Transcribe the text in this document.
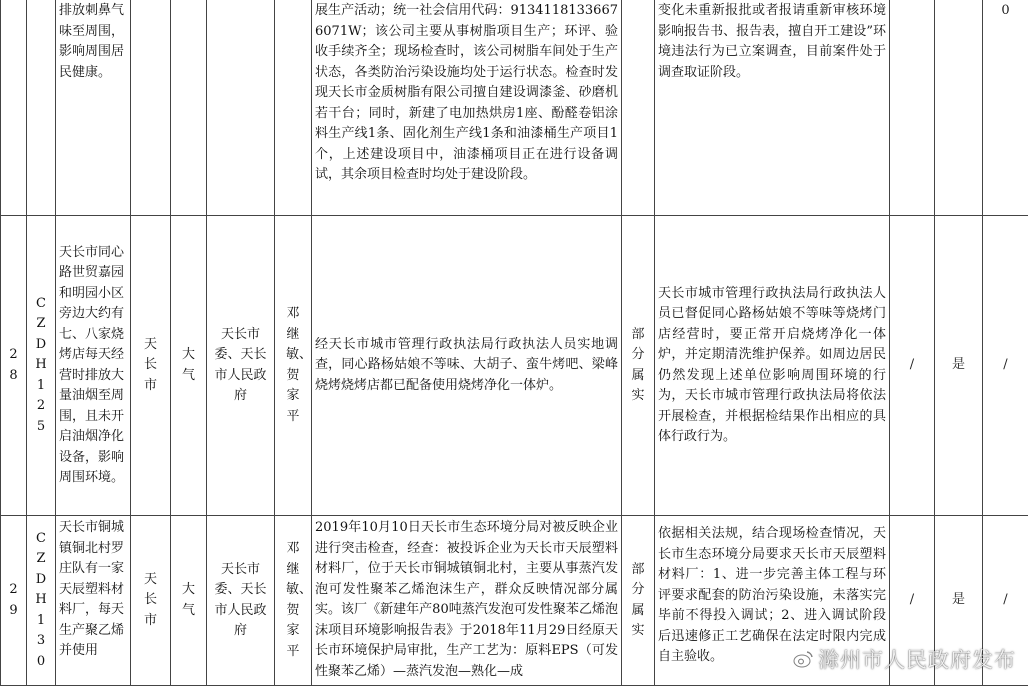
	排放刺鼻气味至周围，影响周围居民健康。					展生产活动；统一社会信用代码：91341181336676071W；该公司主要从事树脂项目生产；环评、验收手续齐全；现场检查时，该公司树脂车间处于生产状态，各类防治污染设施均处于运行状态。检查时发现天长市金质树脂有限公司擅自建设调漆釜、砂磨机若干台；同时，新建了电加热烘房1座、酚醛卷铝涂料生产线1条、固化剂生产线1条和油漆桶生产项目1个，上述建设项目中，油漆桶项目正在进行设备调试，其余项目检查时均处于建设阶段。		变化未重新报批或者报请重新审核环境影响报告书、报告表，擅自开工建设”环境违法行为已立案调查，目前案件处于调查取证阶段。			0

28	CZDH125	天长市同心路世贸嘉园和明园小区旁边大约有七、八家烧烤店每天经营时排放大量油烟至周围，且未开启油烟净化设备，影响周围环境。	天长市	大气	天长市委、天长市人民政府	邓继敏、贺家平	经天长市城市管理行政执法局行政执法人员实地调查，同心路杨姑娘不等味、大胡子、蛮牛烤吧、梁峰烧烤烧烤店都已配备使用烧烤净化一体炉。	部分属实	天长市城市管理行政执法局行政执法人员已督促同心路杨姑娘不等味等烧烤门店经营时，要正常开启烧烤净化一体炉，并定期清洗维护保养。如周边居民仍然发现上述单位影响周围环境的行为，天长市城市管理行政执法局将依法开展检查，并根据检结果作出相应的具体行政行为。	/	是	/

29	CZDH130	天长市铜城镇铜北村罗庄队有一家天辰塑料材料厂，每天生产聚乙烯并使用	天长市	大气	天长市委、天长市人民政府	邓继敏、贺家平	2019年10月10日天长市生态环境分局对被反映企业进行突击检查，经查：被投诉企业为天长市天辰塑料材料厂，位于天长市铜城镇铜北村，主要从事蒸汽发泡可发性聚苯乙烯泡沫生产，群众反映情况部分属实。该厂《新建年产80吨蒸汽发泡可发性聚苯乙烯泡沫项目环境影响报告表》于2018年11月29日经原天长市环境保护局审批，生产工艺为：原料EPS（可发性聚苯乙烯）—蒸汽发泡—熟化—成	部分属实	依据相关法规，结合现场检查情况，天长市生态环境分局要求天长市天辰塑料材料厂：1、进一步完善主体工程与环评要求配套的防治污染设施，未落实完毕前不得投入调试；2、进入调试阶段后迅速修正工艺确保在法定时限内完成自主验收。	/	是	/
滁州市人民政府发布
